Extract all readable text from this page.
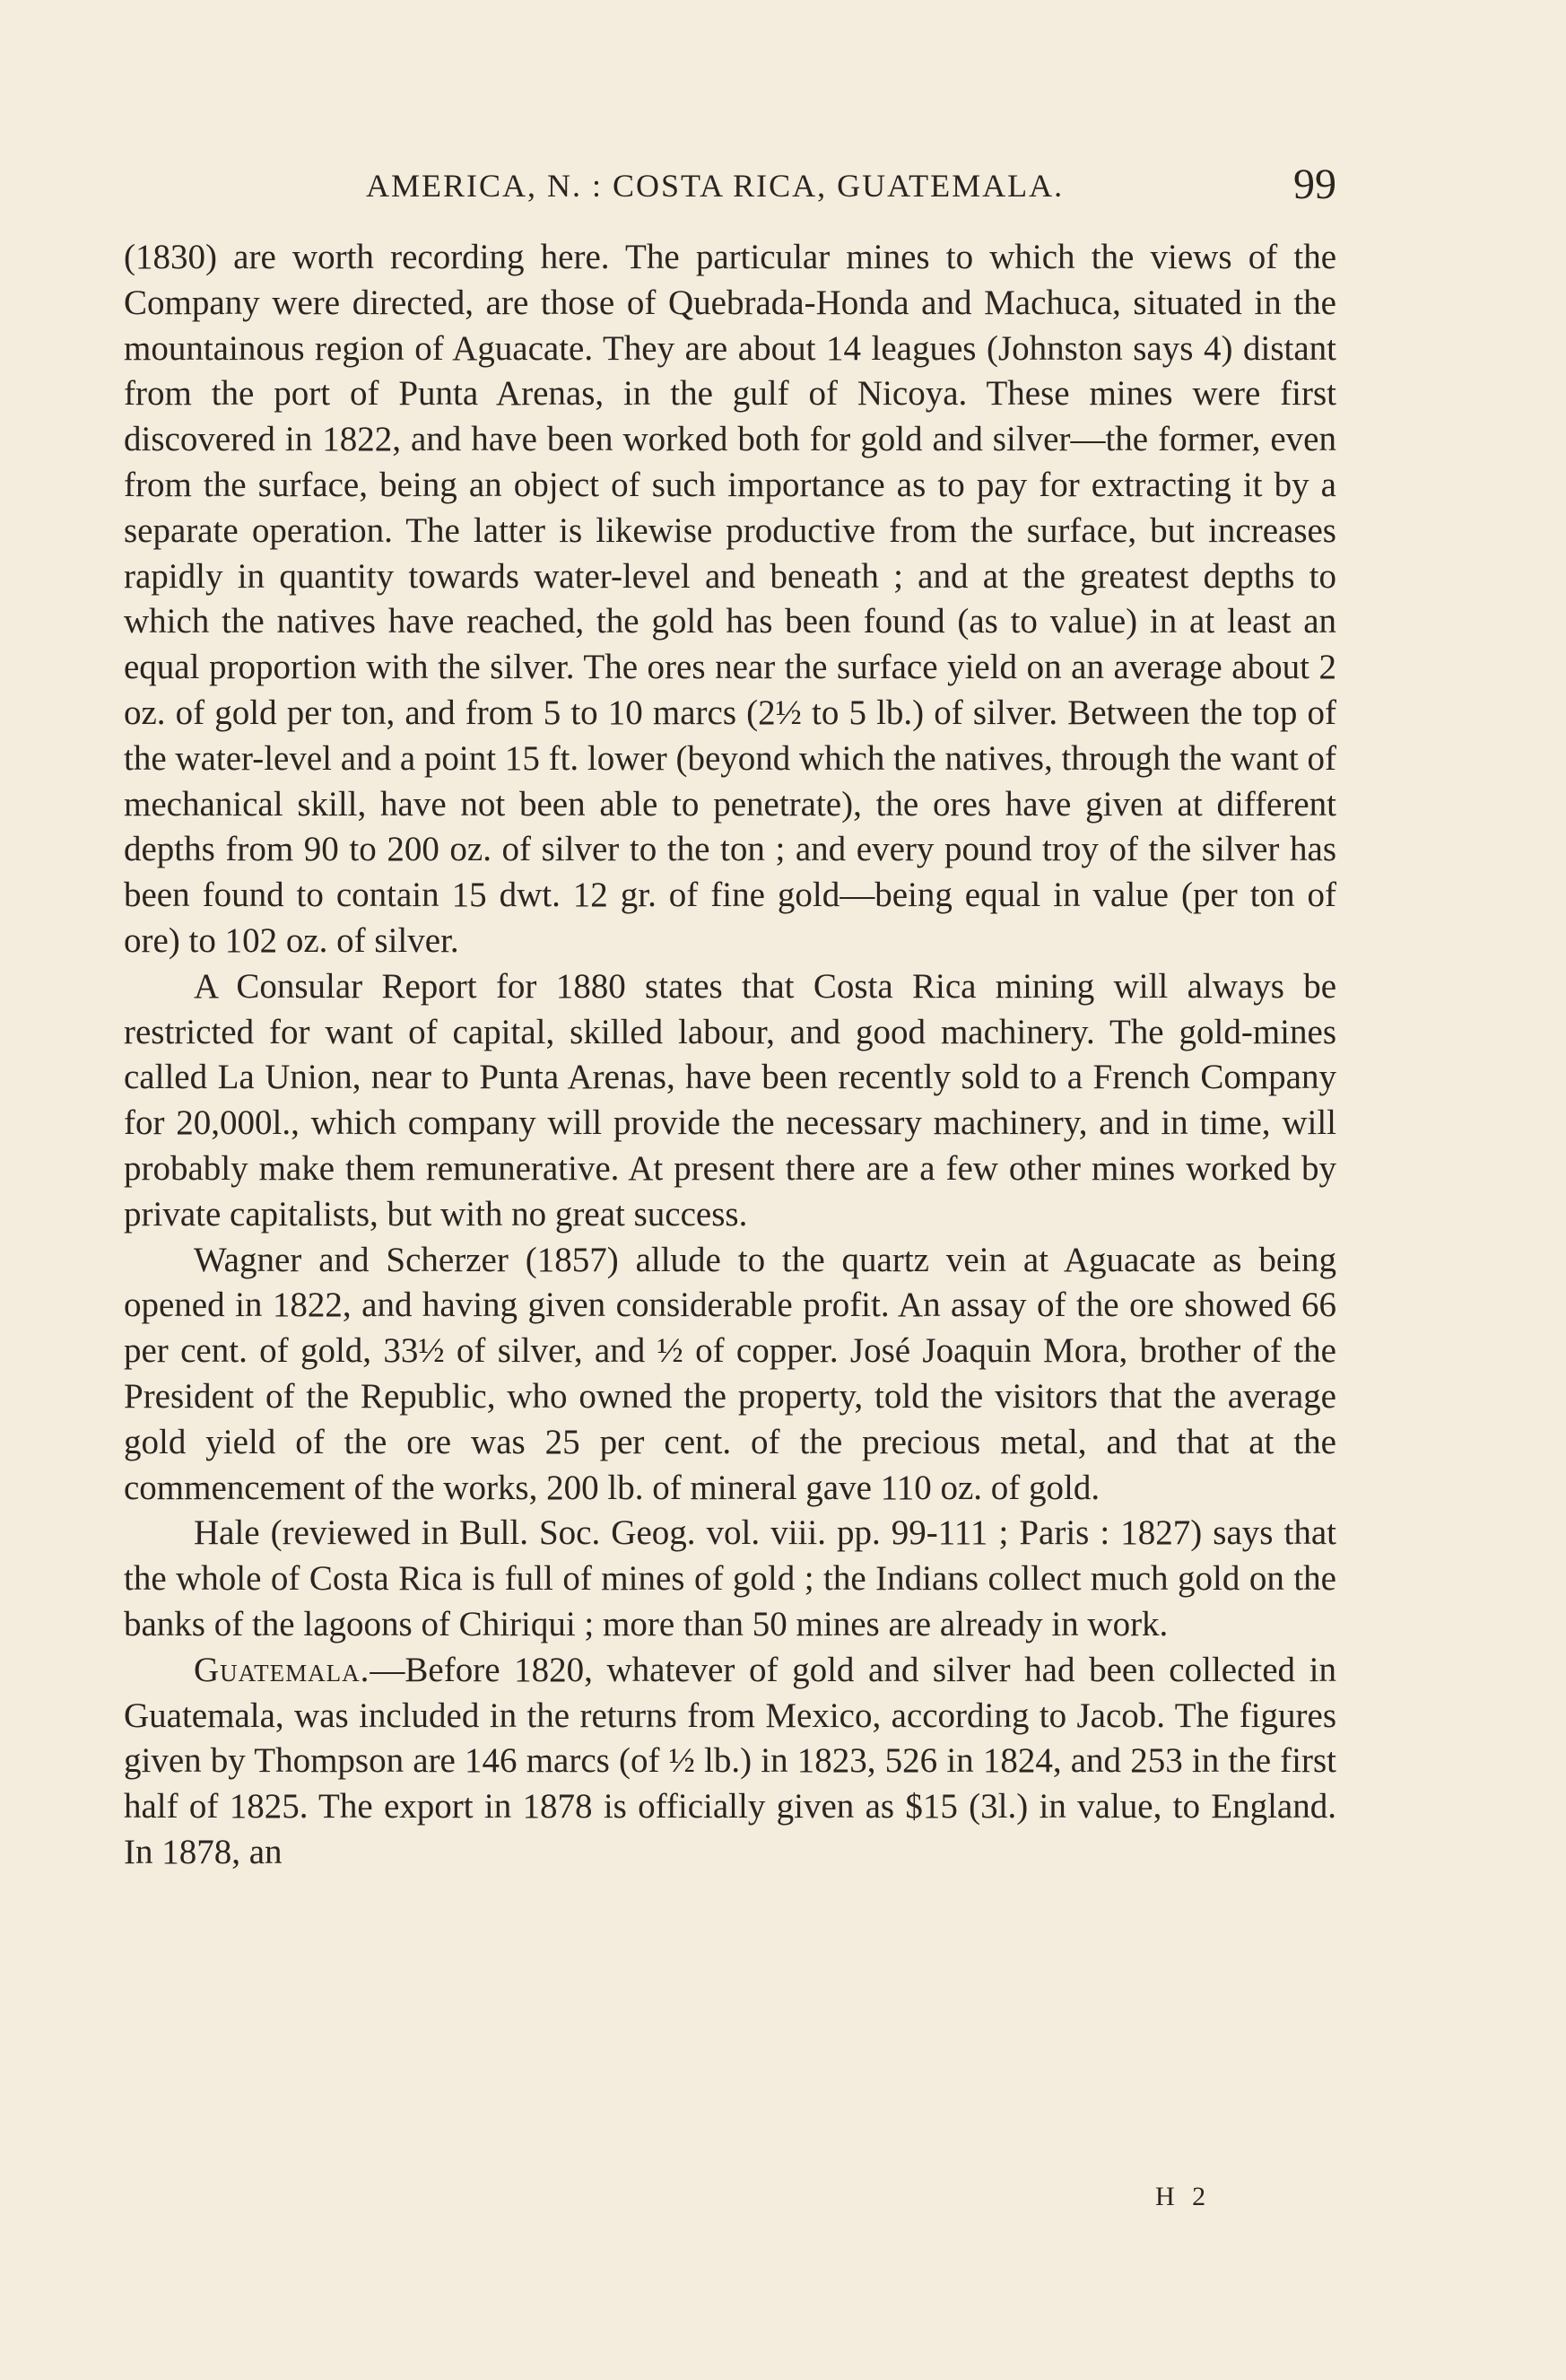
AMERICA, N. : COSTA RICA, GUATEMALA.	99

(1830) are worth recording here. The particular mines to which the views of the Company were directed, are those of Quebrada-Honda and Machuca, situated in the mountainous region of Aguacate. They are about 14 leagues (Johnston says 4) distant from the port of Punta Arenas, in the gulf of Nicoya. These mines were first discovered in 1822, and have been worked both for gold and silver—the former, even from the surface, being an object of such importance as to pay for extracting it by a separate operation. The latter is likewise productive from the surface, but increases rapidly in quantity towards water-level and beneath ; and at the greatest depths to which the natives have reached, the gold has been found (as to value) in at least an equal proportion with the silver. The ores near the surface yield on an average about 2 oz. of gold per ton, and from 5 to 10 marcs (2½ to 5 lb.) of silver. Between the top of the water-level and a point 15 ft. lower (beyond which the natives, through the want of mechanical skill, have not been able to penetrate), the ores have given at different depths from 90 to 200 oz. of silver to the ton ; and every pound troy of the silver has been found to contain 15 dwt. 12 gr. of fine gold—being equal in value (per ton of ore) to 102 oz. of silver.

A Consular Report for 1880 states that Costa Rica mining will always be restricted for want of capital, skilled labour, and good machinery. The gold-mines called La Union, near to Punta Arenas, have been recently sold to a French Company for 20,000l., which company will provide the necessary machinery, and in time, will probably make them remunerative. At present there are a few other mines worked by private capitalists, but with no great success.

Wagner and Scherzer (1857) allude to the quartz vein at Aguacate as being opened in 1822, and having given considerable profit. An assay of the ore showed 66 per cent. of gold, 33½ of silver, and ½ of copper. José Joaquin Mora, brother of the President of the Republic, who owned the property, told the visitors that the average gold yield of the ore was 25 per cent. of the precious metal, and that at the commencement of the works, 200 lb. of mineral gave 110 oz. of gold.

Hale (reviewed in Bull. Soc. Geog. vol. viii. pp. 99-111 ; Paris : 1827) says that the whole of Costa Rica is full of mines of gold ; the Indians collect much gold on the banks of the lagoons of Chiriqui ; more than 50 mines are already in work.

Guatemala.—Before 1820, whatever of gold and silver had been collected in Guatemala, was included in the returns from Mexico, according to Jacob. The figures given by Thompson are 146 marcs (of ½ lb.) in 1823, 526 in 1824, and 253 in the first half of 1825. The export in 1878 is officially given as $15 (3l.) in value, to England. In 1878, an

H 2
